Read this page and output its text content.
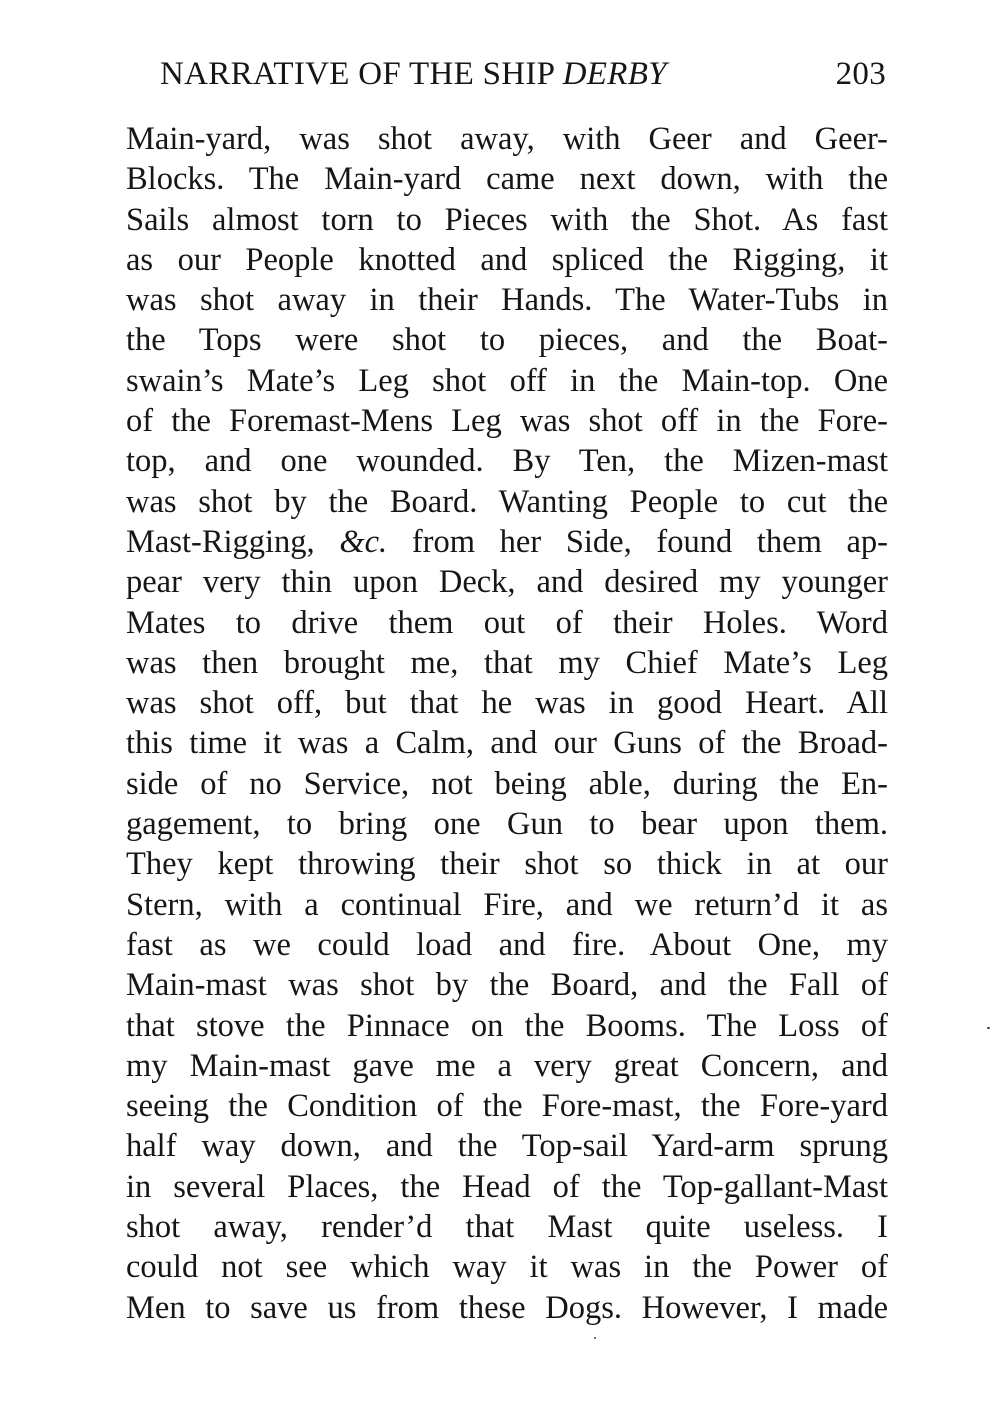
NARRATIVE OF THE SHIP DERBY	203
Main-yard, was shot away, with Geer and Geer-
Blocks. The Main-yard came next down, with the
Sails almost torn to Pieces with the Shot. As fast
as our People knotted and spliced the Rigging, it
was shot away in their Hands. The Water-Tubs in
the Tops were shot to pieces, and the Boat-
swain’s Mate’s Leg shot off in the Main-top. One
of the Foremast-Mens Leg was shot off in the Fore-
top, and one wounded. By Ten, the Mizen-mast
was shot by the Board. Wanting People to cut the
Mast-Rigging, &c. from her Side, found them ap-
pear very thin upon Deck, and desired my younger
Mates to drive them out of their Holes. Word
was then brought me, that my Chief Mate’s Leg
was shot off, but that he was in good Heart. All
this time it was a Calm, and our Guns of the Broad-
side of no Service, not being able, during the En-
gagement, to bring one Gun to bear upon them.
They kept throwing their shot so thick in at our
Stern, with a continual Fire, and we return’d it as
fast as we could load and fire. About One, my
Main-mast was shot by the Board, and the Fall of
that stove the Pinnace on the Booms. The Loss of
my Main-mast gave me a very great Concern, and
seeing the Condition of the Fore-mast, the Fore-yard
half way down, and the Top-sail Yard-arm sprung
in several Places, the Head of the Top-gallant-Mast
shot away, render’d that Mast quite useless. I
could not see which way it was in the Power of
Men to save us from these Dogs. However, I made
